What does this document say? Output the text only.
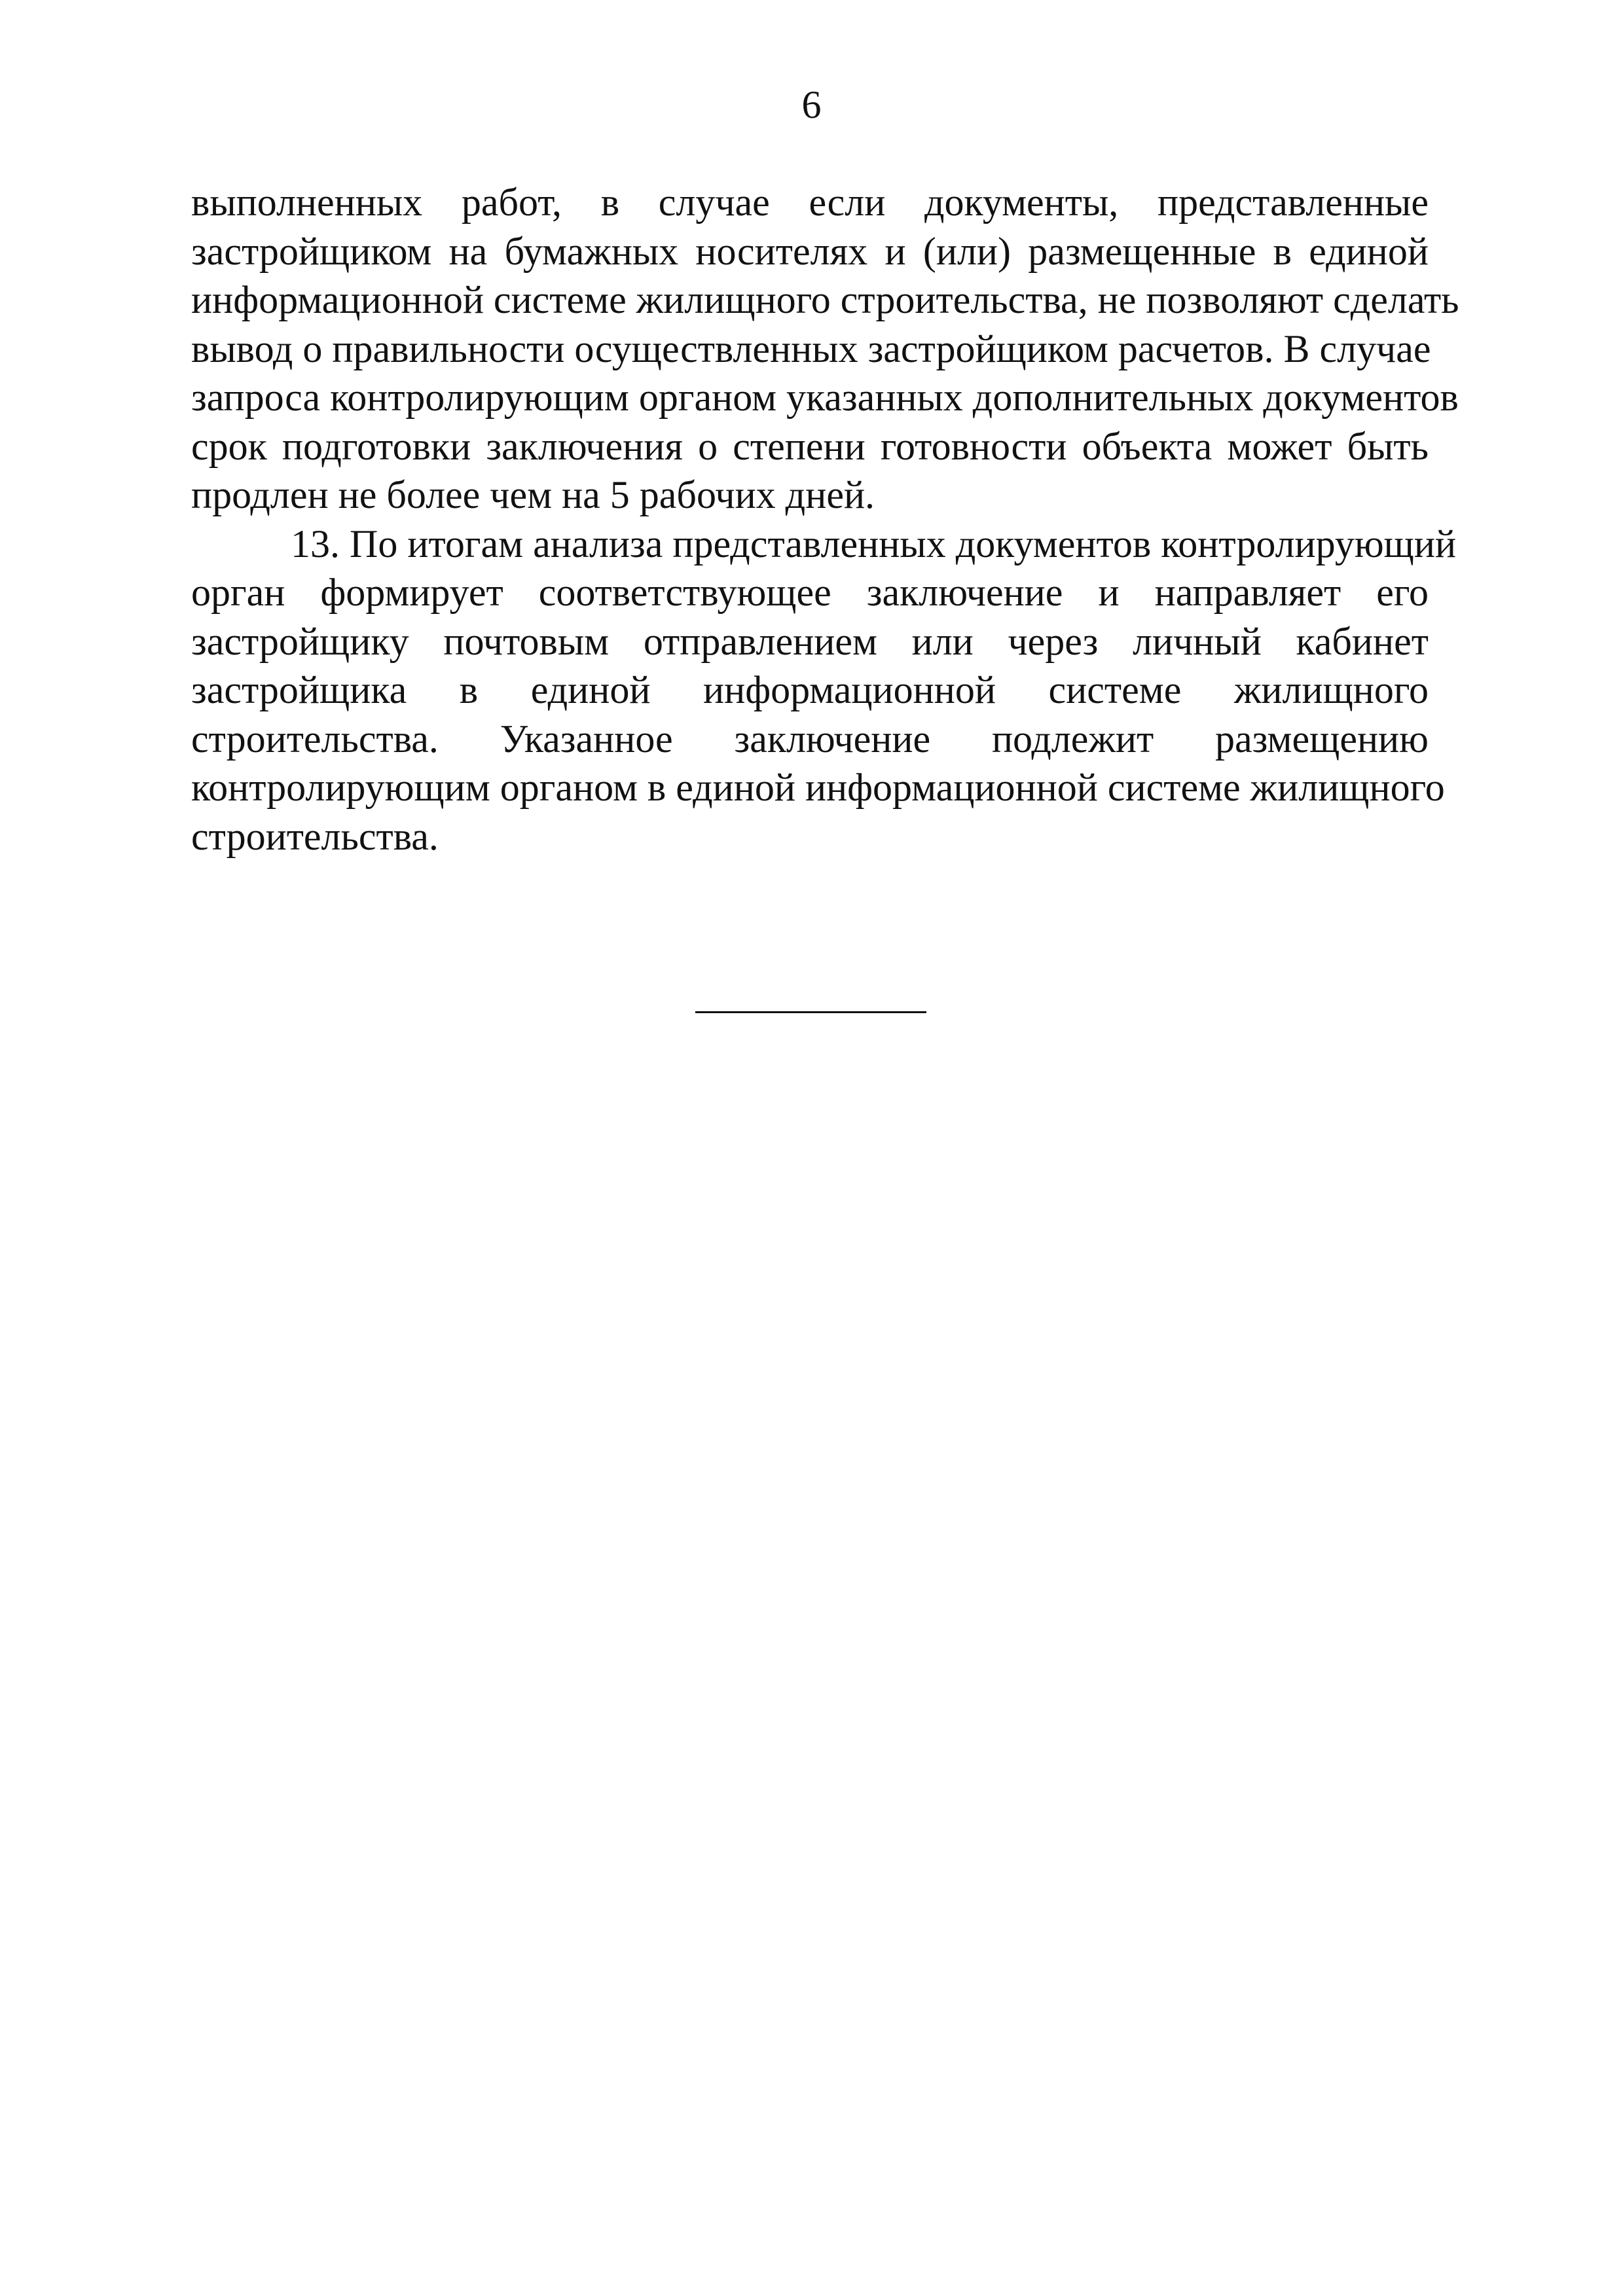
6
выполненных работ, в случае если документы, представленные
застройщиком на бумажных носителях и (или) размещенные в единой
информационной системе жилищного строительства, не позволяют сделать
вывод о правильности осуществленных застройщиком расчетов. В случае
запроса контролирующим органом указанных дополнительных документов
срок подготовки заключения о степени готовности объекта может быть
продлен не более чем на 5 рабочих дней.
13. По итогам анализа представленных документов контролирующий
орган формирует соответствующее заключение и направляет его
застройщику почтовым отправлением или через личный кабинет
застройщика в единой информационной системе жилищного
строительства. Указанное заключение подлежит размещению
контролирующим органом в единой информационной системе жилищного
строительства.
